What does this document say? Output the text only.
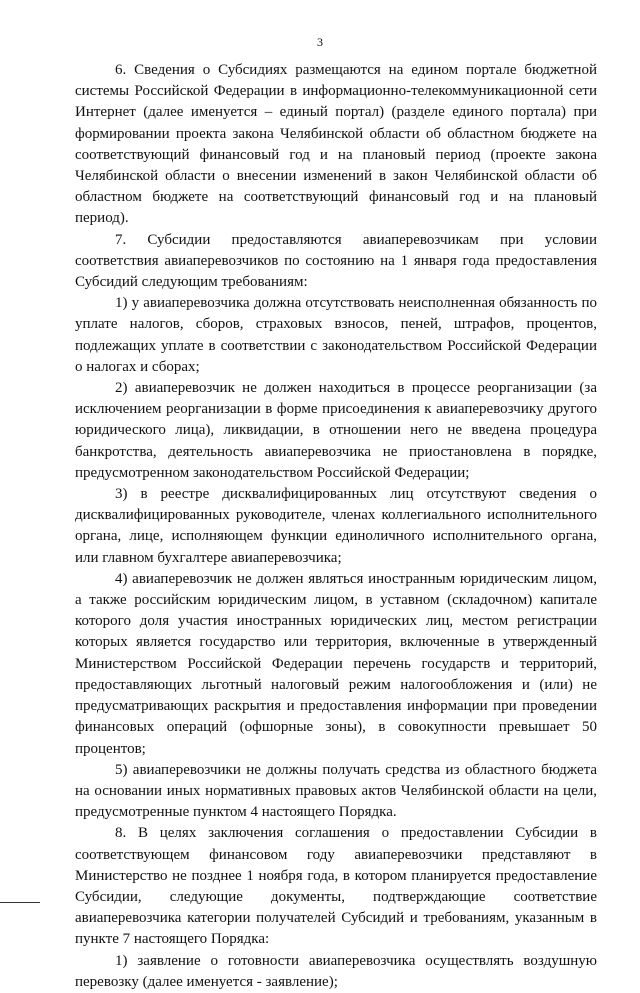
3

6. Сведения о Субсидиях размещаются на едином портале бюджетной системы Российской Федерации в информационно-телекоммуникационной сети Интернет (далее именуется – единый портал) (разделе единого портала) при формировании проекта закона Челябинской области об областном бюджете на соответствующий финансовый год и на плановый период (проекте закона Челябинской области о внесении изменений в закон Челябинской области об областном бюджете на соответствующий финансовый год и на плановый период).

7. Субсидии предоставляются авиаперевозчикам при условии соответствия авиаперевозчиков по состоянию на 1 января года предоставления Субсидий следующим требованиям:

1) у авиаперевозчика должна отсутствовать неисполненная обязанность по уплате налогов, сборов, страховых взносов, пеней, штрафов, процентов, подлежащих уплате в соответствии с законодательством Российской Федерации о налогах и сборах;

2) авиаперевозчик не должен находиться в процессе реорганизации (за исключением реорганизации в форме присоединения к авиаперевозчику другого юридического лица), ликвидации, в отношении него не введена процедура банкротства, деятельность авиаперевозчика не приостановлена в порядке, предусмотренном законодательством Российской Федерации;

3) в реестре дисквалифицированных лиц отсутствуют сведения о дисквалифицированных руководителе, членах коллегиального исполнительного органа, лице, исполняющем функции единоличного исполнительного органа, или главном бухгалтере авиаперевозчика;

4) авиаперевозчик не должен являться иностранным юридическим лицом, а также российским юридическим лицом, в уставном (складочном) капитале которого доля участия иностранных юридических лиц, местом регистрации которых является государство или территория, включенные в утвержденный Министерством Российской Федерации перечень государств и территорий, предоставляющих льготный налоговый режим налогообложения и (или) не предусматривающих раскрытия и предоставления информации при проведении финансовых операций (офшорные зоны), в совокупности превышает 50 процентов;

5) авиаперевозчики не должны получать средства из областного бюджета на основании иных нормативных правовых актов Челябинской области на цели, предусмотренные пунктом 4 настоящего Порядка.

8. В целях заключения соглашения о предоставлении Субсидии в соответствующем финансовом году авиаперевозчики представляют в Министерство не позднее 1 ноября года, в котором планируется предоставление Субсидии, следующие документы, подтверждающие соответствие авиаперевозчика категории получателей Субсидий и требованиям, указанным в пункте 7 настоящего Порядка:

1) заявление о готовности авиаперевозчика осуществлять воздушную перевозку (далее именуется - заявление);
